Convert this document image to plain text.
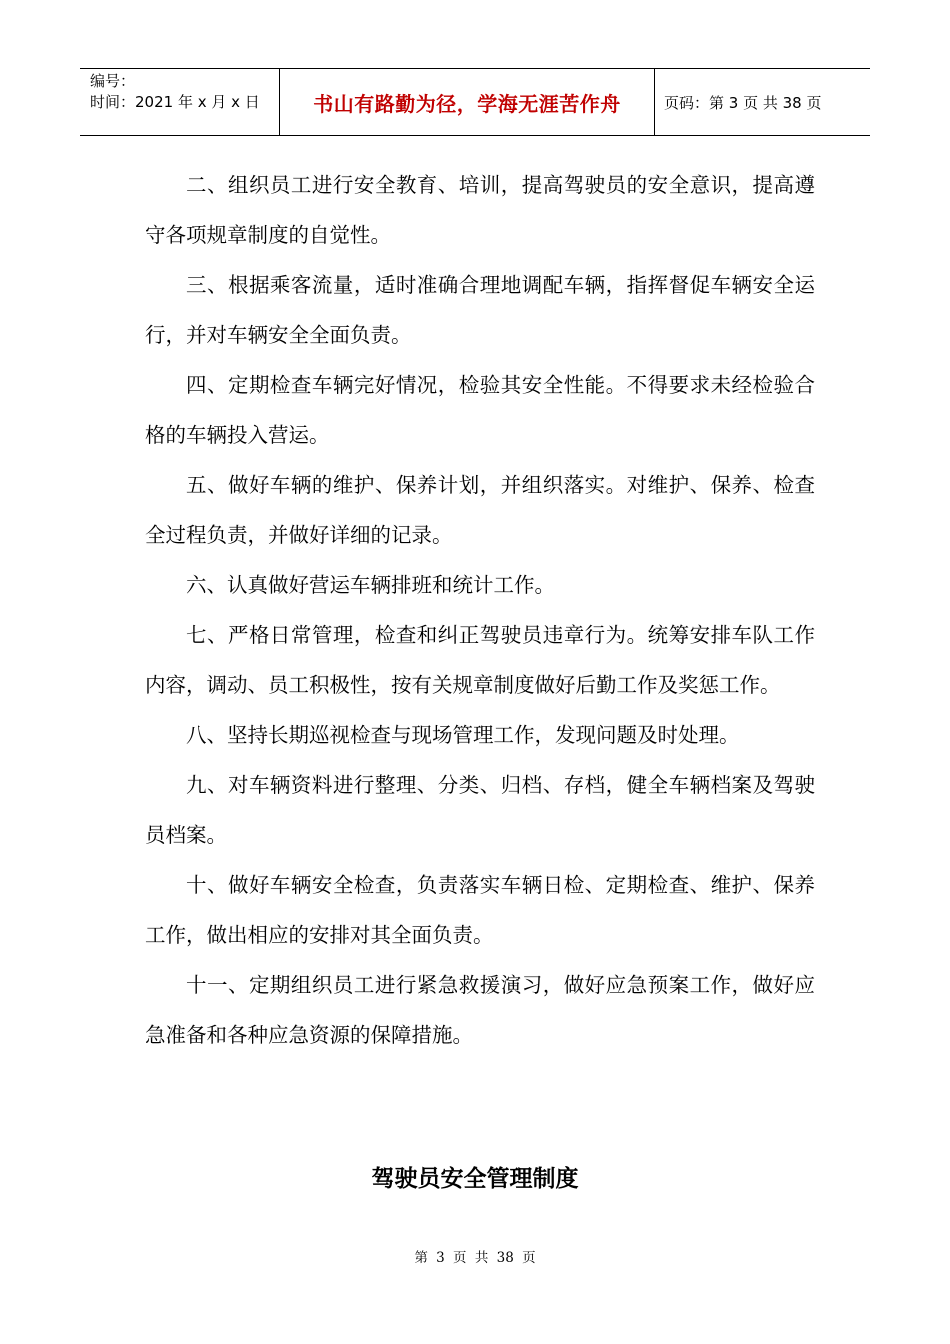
编号：
时间：2021 年 x 月 x 日	书山有路勤为径，学海无涯苦作舟	页码：第 3 页 共 38 页

二、组织员工进行安全教育、培训，提高驾驶员的安全意识，提高遵守各项规章制度的自觉性。

三、根据乘客流量，适时准确合理地调配车辆，指挥督促车辆安全运行，并对车辆安全全面负责。

四、定期检查车辆完好情况，检验其安全性能。不得要求未经检验合格的车辆投入营运。

五、做好车辆的维护、保养计划，并组织落实。对维护、保养、检查全过程负责，并做好详细的记录。

六、认真做好营运车辆排班和统计工作。

七、严格日常管理，检查和纠正驾驶员违章行为。统筹安排车队工作内容，调动、员工积极性，按有关规章制度做好后勤工作及奖惩工作。

八、坚持长期巡视检查与现场管理工作，发现问题及时处理。

九、对车辆资料进行整理、分类、归档、存档，健全车辆档案及驾驶员档案。

十、做好车辆安全检查，负责落实车辆日检、定期检查、维护、保养工作，做出相应的安排对其全面负责。

十一、定期组织员工进行紧急救援演习，做好应急预案工作，做好应急准备和各种应急资源的保障措施。

驾驶员安全管理制度
第 3 页 共 38 页
